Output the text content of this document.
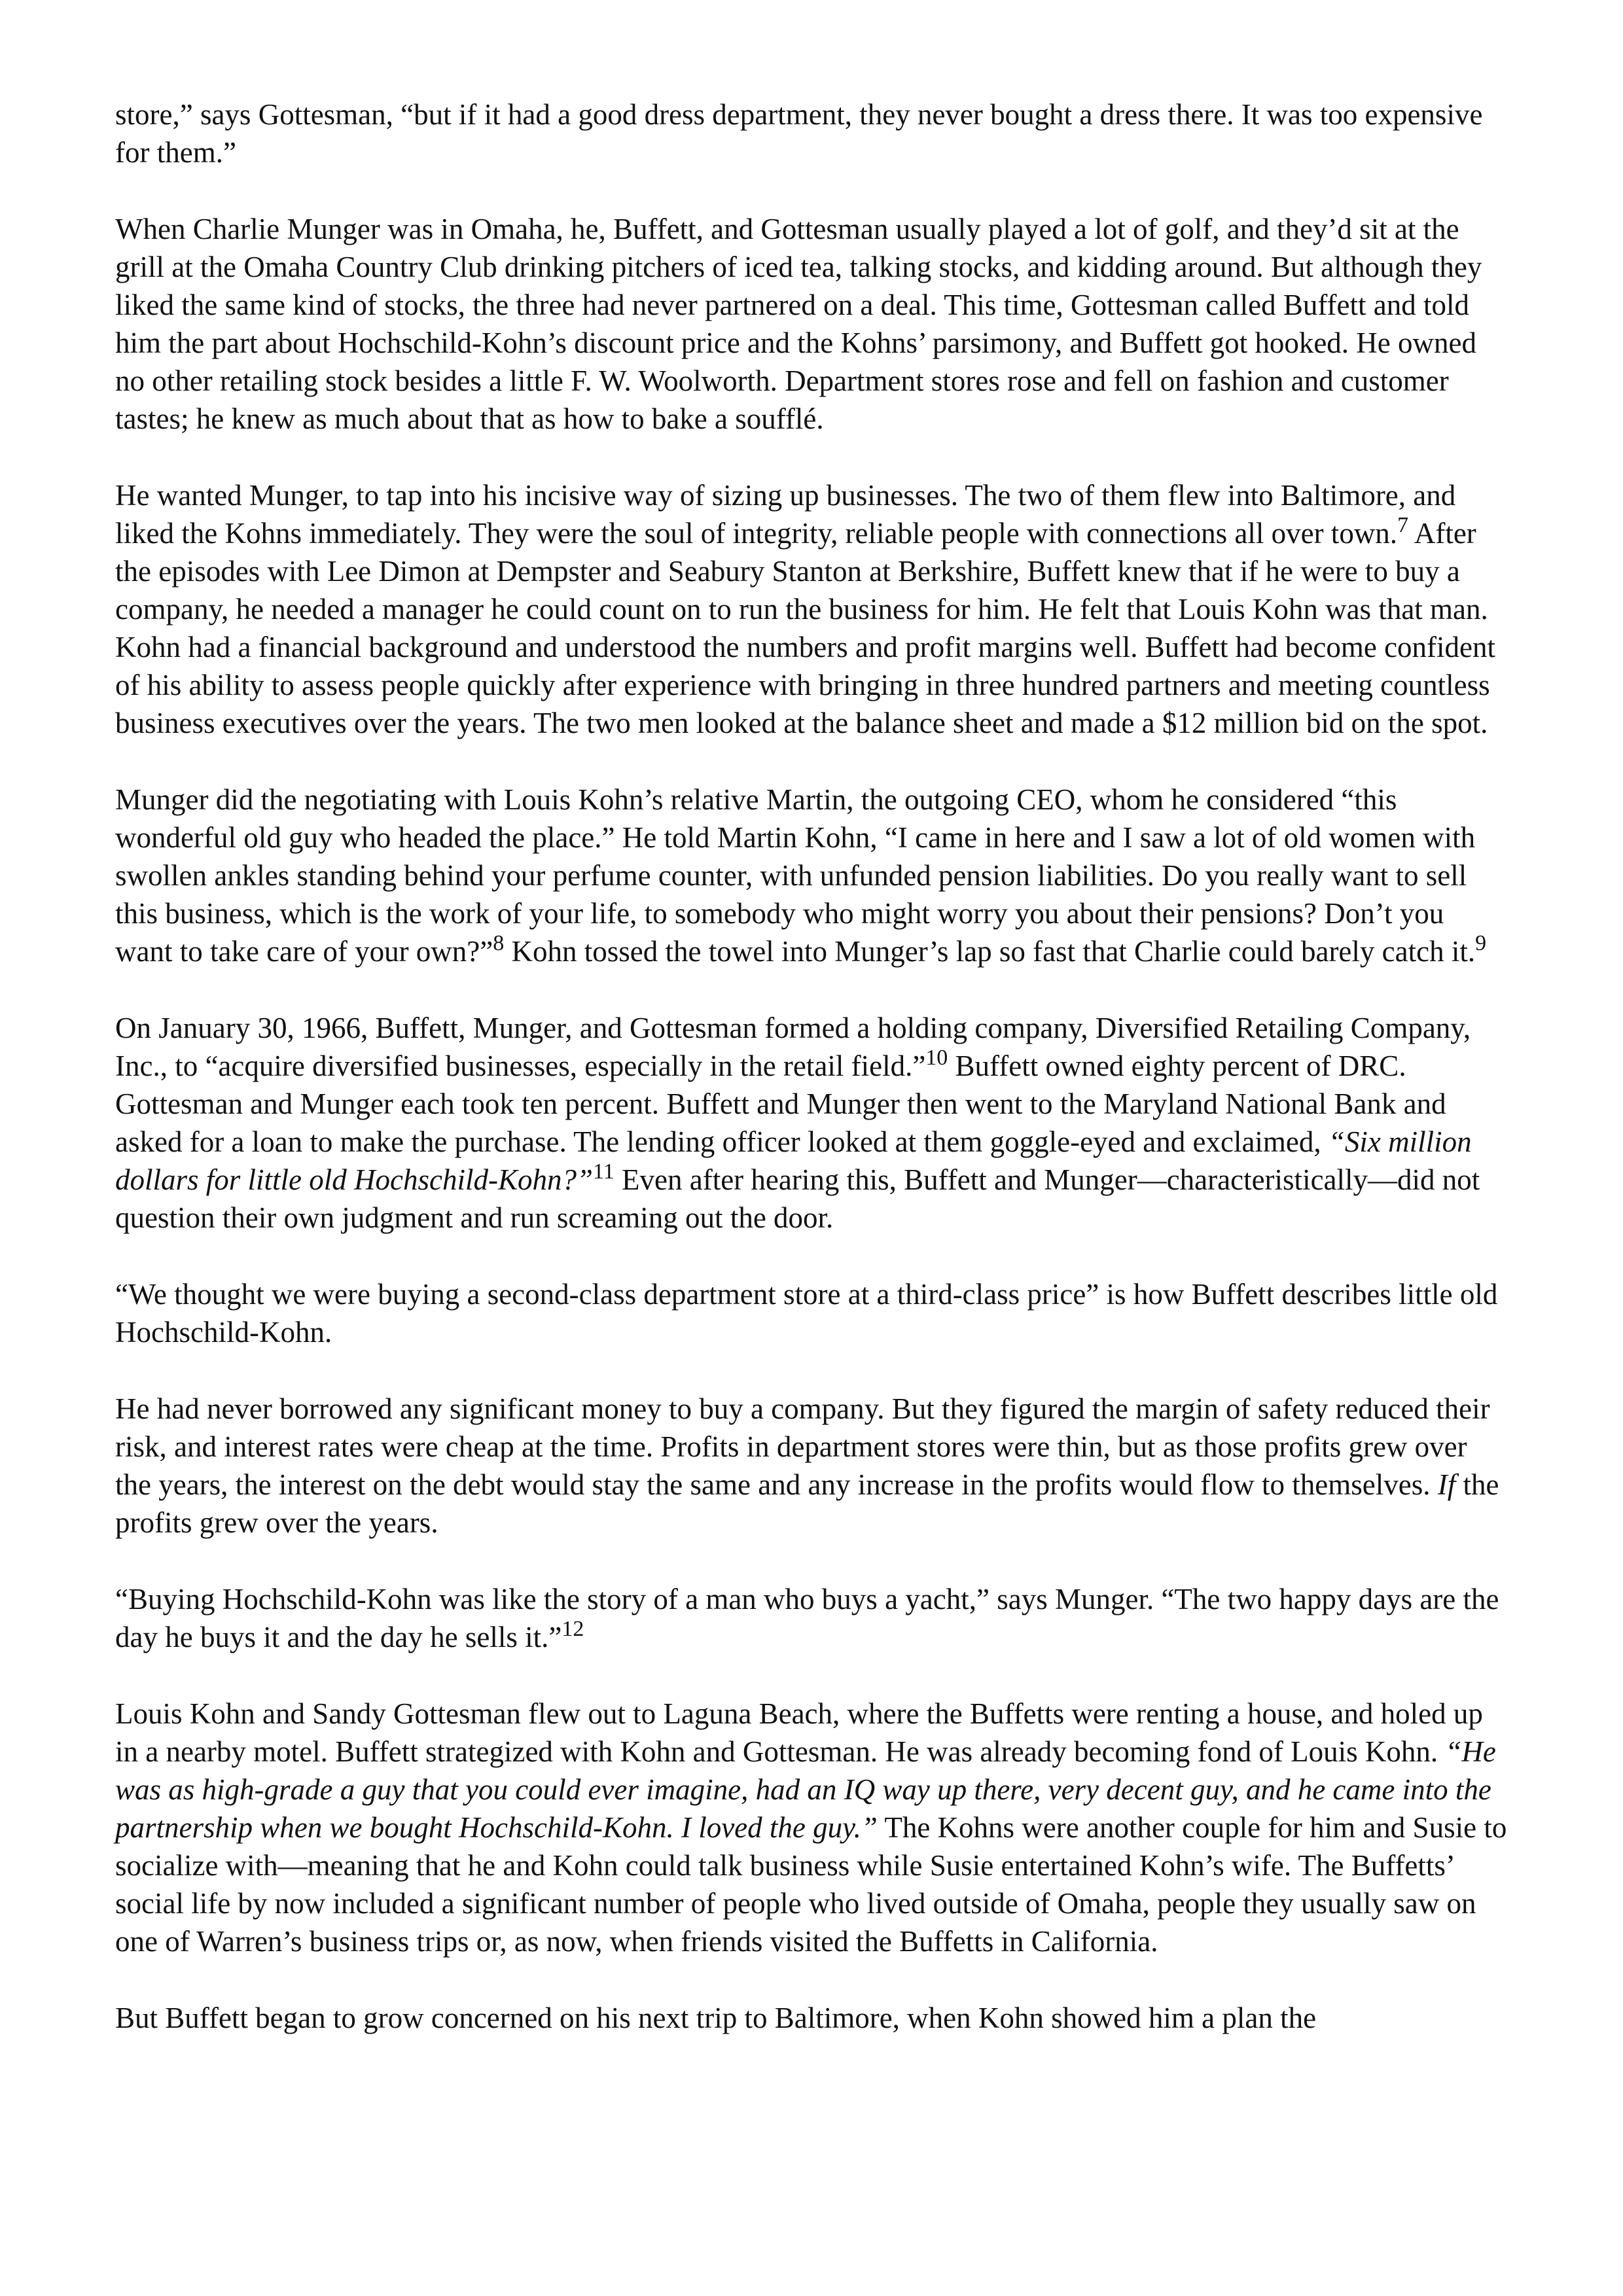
store,” says Gottesman, “but if it had a good dress department, they never bought a dress there. It was too expensive for them.”

When Charlie Munger was in Omaha, he, Buffett, and Gottesman usually played a lot of golf, and they’d sit at the grill at the Omaha Country Club drinking pitchers of iced tea, talking stocks, and kidding around. But although they liked the same kind of stocks, the three had never partnered on a deal. This time, Gottesman called Buffett and told him the part about Hochschild-Kohn’s discount price and the Kohns’ parsimony, and Buffett got hooked. He owned no other retailing stock besides a little F. W. Woolworth. Department stores rose and fell on fashion and customer tastes; he knew as much about that as how to bake a soufflé.

He wanted Munger, to tap into his incisive way of sizing up businesses. The two of them flew into Baltimore, and liked the Kohns immediately. They were the soul of integrity, reliable people with connections all over town.$^7$ After the episodes with Lee Dimon at Dempster and Seabury Stanton at Berkshire, Buffett knew that if he were to buy a company, he needed a manager he could count on to run the business for him. He felt that Louis Kohn was that man. Kohn had a financial background and understood the numbers and profit margins well. Buffett had become confident of his ability to assess people quickly after experience with bringing in three hundred partners and meeting countless business executives over the years. The two men looked at the balance sheet and made a $12 million bid on the spot.

Munger did the negotiating with Louis Kohn’s relative Martin, the outgoing CEO, whom he considered “this wonderful old guy who headed the place.” He told Martin Kohn, “I came in here and I saw a lot of old women with swollen ankles standing behind your perfume counter, with unfunded pension liabilities. Do you really want to sell this business, which is the work of your life, to somebody who might worry you about their pensions? Don’t you want to take care of your own?”$^8$ Kohn tossed the towel into Munger’s lap so fast that Charlie could barely catch it.$^9$

On January 30, 1966, Buffett, Munger, and Gottesman formed a holding company, Diversified Retailing Company, Inc., to “acquire diversified businesses, especially in the retail field.”$^{10}$ Buffett owned eighty percent of DRC. Gottesman and Munger each took ten percent. Buffett and Munger then went to the Maryland National Bank and asked for a loan to make the purchase. The lending officer looked at them goggle-eyed and exclaimed, “Six million dollars for little old Hochschild-Kohn?”$^{11}$ Even after hearing this, Buffett and Munger—characteristically—did not question their own judgment and run screaming out the door.

“We thought we were buying a second-class department store at a third-class price” is how Buffett describes little old Hochschild-Kohn.

He had never borrowed any significant money to buy a company. But they figured the margin of safety reduced their risk, and interest rates were cheap at the time. Profits in department stores were thin, but as those profits grew over the years, the interest on the debt would stay the same and any increase in the profits would flow to themselves. If the profits grew over the years.

“Buying Hochschild-Kohn was like the story of a man who buys a yacht,” says Munger. “The two happy days are the day he buys it and the day he sells it.”$^{12}$

Louis Kohn and Sandy Gottesman flew out to Laguna Beach, where the Buffetts were renting a house, and holed up in a nearby motel. Buffett strategized with Kohn and Gottesman. He was already becoming fond of Louis Kohn. “He was as high-grade a guy that you could ever imagine, had an IQ way up there, very decent guy, and he came into the partnership when we bought Hochschild-Kohn. I loved the guy.” The Kohns were another couple for him and Susie to socialize with—meaning that he and Kohn could talk business while Susie entertained Kohn’s wife. The Buffetts’ social life by now included a significant number of people who lived outside of Omaha, people they usually saw on one of Warren’s business trips or, as now, when friends visited the Buffetts in California.

But Buffett began to grow concerned on his next trip to Baltimore, when Kohn showed him a plan the
